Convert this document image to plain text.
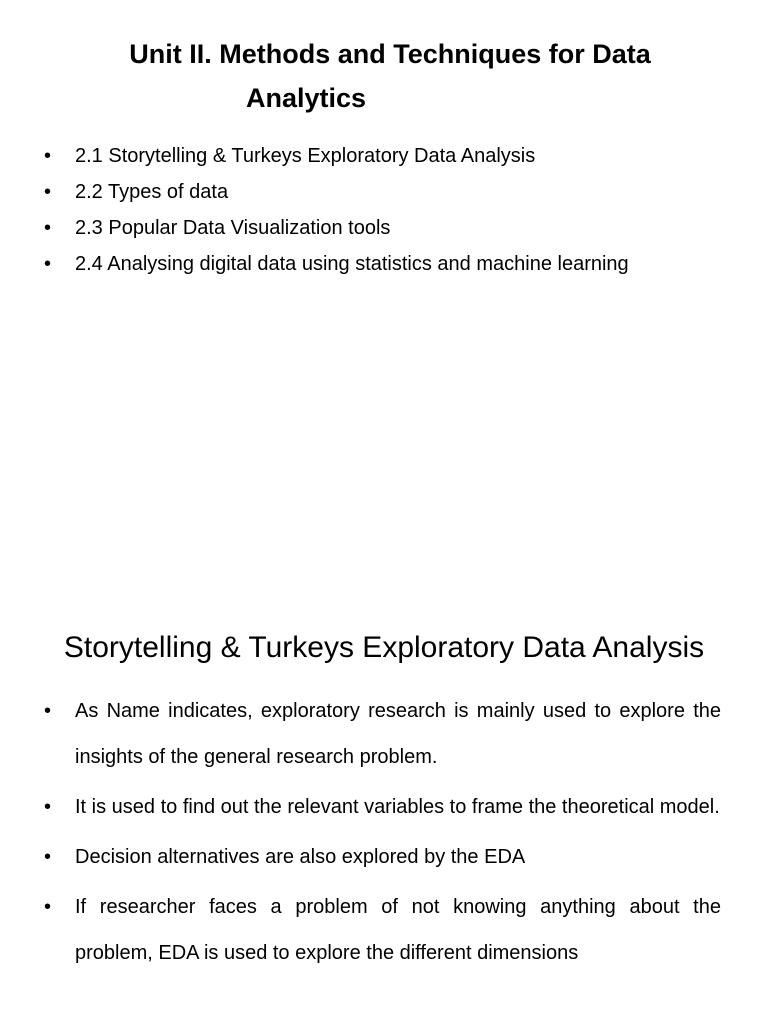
Unit II. Methods and Techniques for Data
Analytics
• 2.1 Storytelling & Turkeys Exploratory Data Analysis
• 2.2 Types of data
• 2.3 Popular Data Visualization tools
• 2.4 Analysing digital data using statistics and machine learning
Storytelling & Turkeys Exploratory Data Analysis
• As Name indicates, exploratory research is mainly used to explore the insights of the general research problem.
• It is used to find out the relevant variables to frame the theoretical model.
• Decision alternatives are also explored by the EDA
• If researcher faces a problem of not knowing anything about the problem, EDA is used to explore the different dimensions
